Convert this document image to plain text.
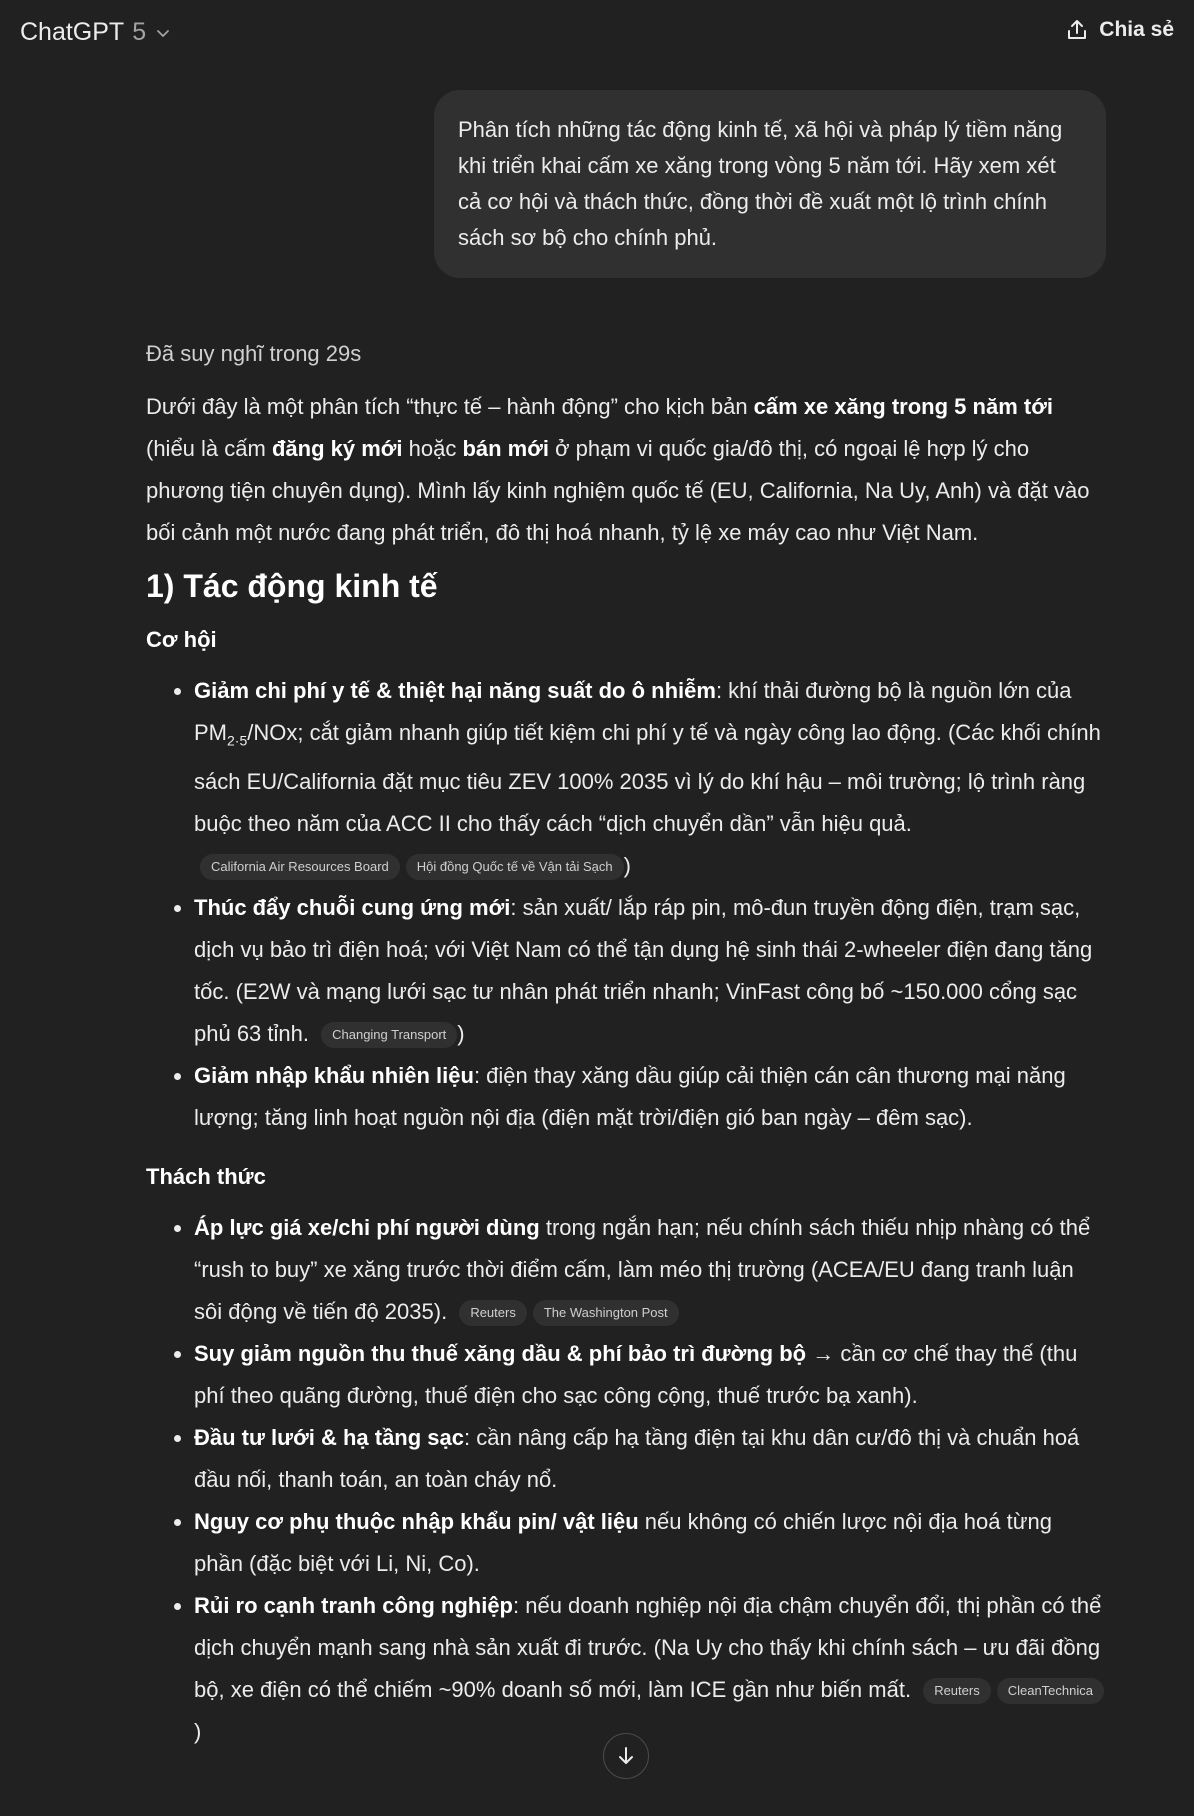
ChatGPT 5	Chia sẻ
Phân tích những tác động kinh tế, xã hội và pháp lý tiềm năng khi triển khai cấm xe xăng trong vòng 5 năm tới. Hãy xem xét cả cơ hội và thách thức, đồng thời đề xuất một lộ trình chính sách sơ bộ cho chính phủ.
Đã suy nghĩ trong 29s

Dưới đây là một phân tích “thực tế – hành động” cho kịch bản cấm xe xăng trong 5 năm tới (hiểu là cấm đăng ký mới hoặc bán mới ở phạm vi quốc gia/đô thị, có ngoại lệ hợp lý cho phương tiện chuyên dụng). Mình lấy kinh nghiệm quốc tế (EU, California, Na Uy, Anh) và đặt vào bối cảnh một nước đang phát triển, đô thị hoá nhanh, tỷ lệ xe máy cao như Việt Nam.

1) Tác động kinh tế
Cơ hội
• Giảm chi phí y tế & thiệt hại năng suất do ô nhiễm: khí thải đường bộ là nguồn lớn của $PM_{2\cdot 5}$/NOx; cắt giảm nhanh giúp tiết kiệm chi phí y tế và ngày công lao động. (Các khối chính sách EU/California đặt mục tiêu ZEV 100% 2035 vì lý do khí hậu – môi trường; lộ trình ràng buộc theo năm của ACC II cho thấy cách “dịch chuyển dần” vẫn hiệu quả. California Air Resources Board Hội đồng Quốc tế về Vận tải Sạch )
• Thúc đẩy chuỗi cung ứng mới: sản xuất/ lắp ráp pin, mô-đun truyền động điện, trạm sạc, dịch vụ bảo trì điện hoá; với Việt Nam có thể tận dụng hệ sinh thái 2-wheeler điện đang tăng tốc. (E2W và mạng lưới sạc tư nhân phát triển nhanh; VinFast công bố ~150.000 cổng sạc phủ 63 tỉnh. Changing Transport )
• Giảm nhập khẩu nhiên liệu: điện thay xăng dầu giúp cải thiện cán cân thương mại năng lượng; tăng linh hoạt nguồn nội địa (điện mặt trời/điện gió ban ngày – đêm sạc).
Thách thức
• Áp lực giá xe/chi phí người dùng trong ngắn hạn; nếu chính sách thiếu nhịp nhàng có thể “rush to buy” xe xăng trước thời điểm cấm, làm méo thị trường (ACEA/EU đang tranh luận sôi động về tiến độ 2035). Reuters The Washington Post
• Suy giảm nguồn thu thuế xăng dầu & phí bảo trì đường bộ → cần cơ chế thay thế (thu phí theo quãng đường, thuế điện cho sạc công cộng, thuế trước bạ xanh).
• Đầu tư lưới & hạ tầng sạc: cần nâng cấp hạ tầng điện tại khu dân cư/đô thị và chuẩn hoá đầu nối, thanh toán, an toàn cháy nổ.
• Nguy cơ phụ thuộc nhập khẩu pin/ vật liệu nếu không có chiến lược nội địa hoá từng phần (đặc biệt với Li, Ni, Co).
• Rủi ro cạnh tranh công nghiệp: nếu doanh nghiệp nội địa chậm chuyển đổi, thị phần có thể dịch chuyển mạnh sang nhà sản xuất đi trước. (Na Uy cho thấy khi chính sách – ưu đãi đồng bộ, xe điện có thể chiếm ~90% doanh số mới, làm ICE gần như biến mất. Reuters CleanTechnica)
